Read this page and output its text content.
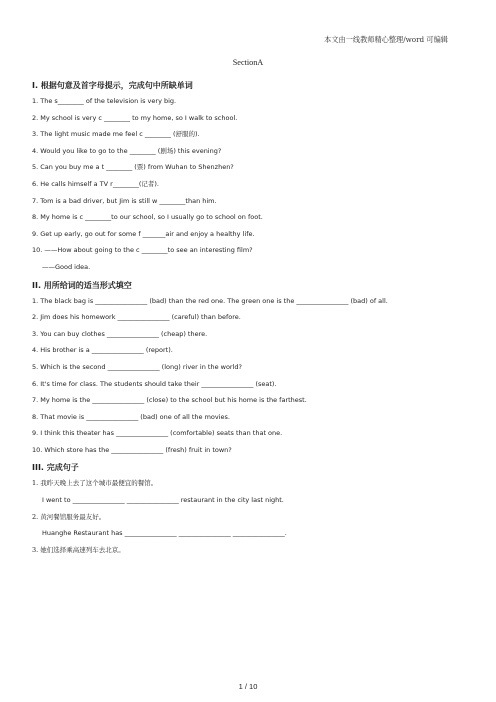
本文由一线教师精心整理/word 可编辑
SectionA
Ⅰ. 根据句意及首字母提示，完成句中所缺单词
1. The s________ of the television is very big.
2. My school is very c ________ to my home, so I walk to school.
3. The light music made me feel c ________ (舒服的).
4. Would you like to go to the ________ (剧场) this evening?
5. Can you buy me a t ________ (票) from Wuhan to Shenzhen?
6. He calls himself a TV r________(记者).
7. Tom is a bad driver, but Jim is still w ________than him.
8. My home is c ________to our school, so I usually go to school on foot.
9. Get up early, go out for some f _______air and enjoy a healthy life.
10. ——How about going to the c ________to see an interesting film?
——Good idea.
II. 用所给词的适当形式填空
1. The black bag is ________________ (bad) than the red one. The green one is the ________________ (bad) of all.
2. Jim does his homework ________________ (careful) than before.
3. You can buy clothes ________________ (cheap) there.
4. His brother is a ________________ (report).
5. Which is the second ________________ (long) river in the world?
6. It's time for class. The students should take their ________________ (seat).
7. My home is the ________________ (close) to the school but his home is the farthest.
8. That movie is ________________ (bad) one of all the movies.
9. I think this theater has ________________ (comfortable) seats than that one.
10. Which store has the ________________ (fresh) fruit in town?
III. 完成句子
1. 我昨天晚上去了这个城市最便宜的餐馆。
I went to ________________ ________________ restaurant in the city last night.
2. 黄河餐馆服务最友好。
Huanghe Restaurant has ________________ ________________ ________________.
3. 她们选择乘高速列车去北京。
1 / 10
